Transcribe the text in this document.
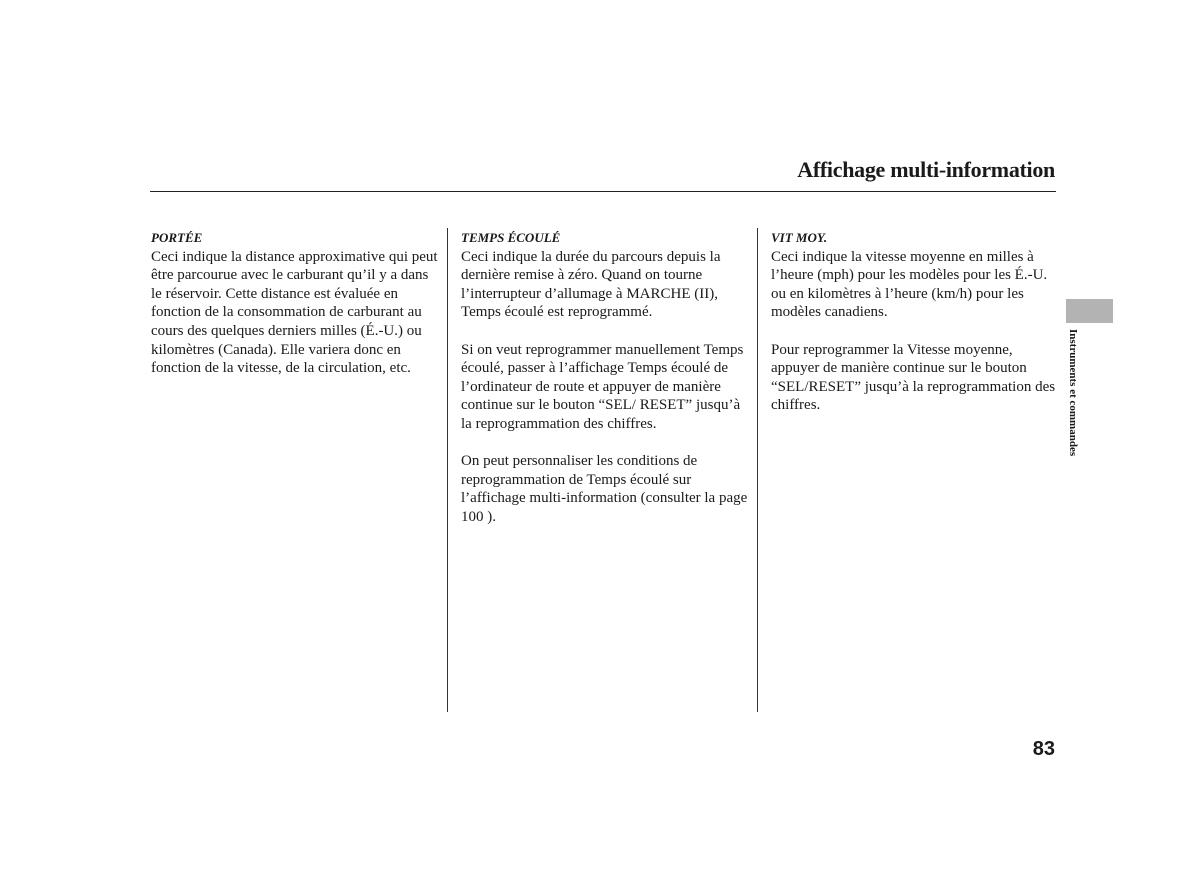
Affichage multi-information
PORTÉE

Ceci indique la distance approximative qui peut être parcourue avec le carburant qu’il y a dans le réservoir. Cette distance est évaluée en fonction de la consommation de carburant au cours des quelques derniers milles (É.-U.) ou kilomètres (Canada). Elle variera donc en fonction de la vitesse, de la circulation, etc.

TEMPS ÉCOULÉ

Ceci indique la durée du parcours depuis la dernière remise à zéro. Quand on tourne l’interrupteur d’allumage à MARCHE (II), Temps écoulé est reprogrammé.

Si on veut reprogrammer manuellement Temps écoulé, passer à l’affichage Temps écoulé de l’ordinateur de route et appuyer de manière continue sur le bouton “SEL/ RESET” jusqu’à la reprogrammation des chiffres.

On peut personnaliser les conditions de reprogrammation de Temps écoulé sur l’affichage multi-information (consulter la page 100 ).

VIT MOY.

Ceci indique la vitesse moyenne en milles à l’heure (mph) pour les modèles pour les É.-U. ou en kilomètres à l’heure (km/h) pour les modèles canadiens.

Pour reprogrammer la Vitesse moyenne, appuyer de manière continue sur le bouton “SEL/RESET” jusqu’à la reprogrammation des chiffres.	Instruments et commandes
83
